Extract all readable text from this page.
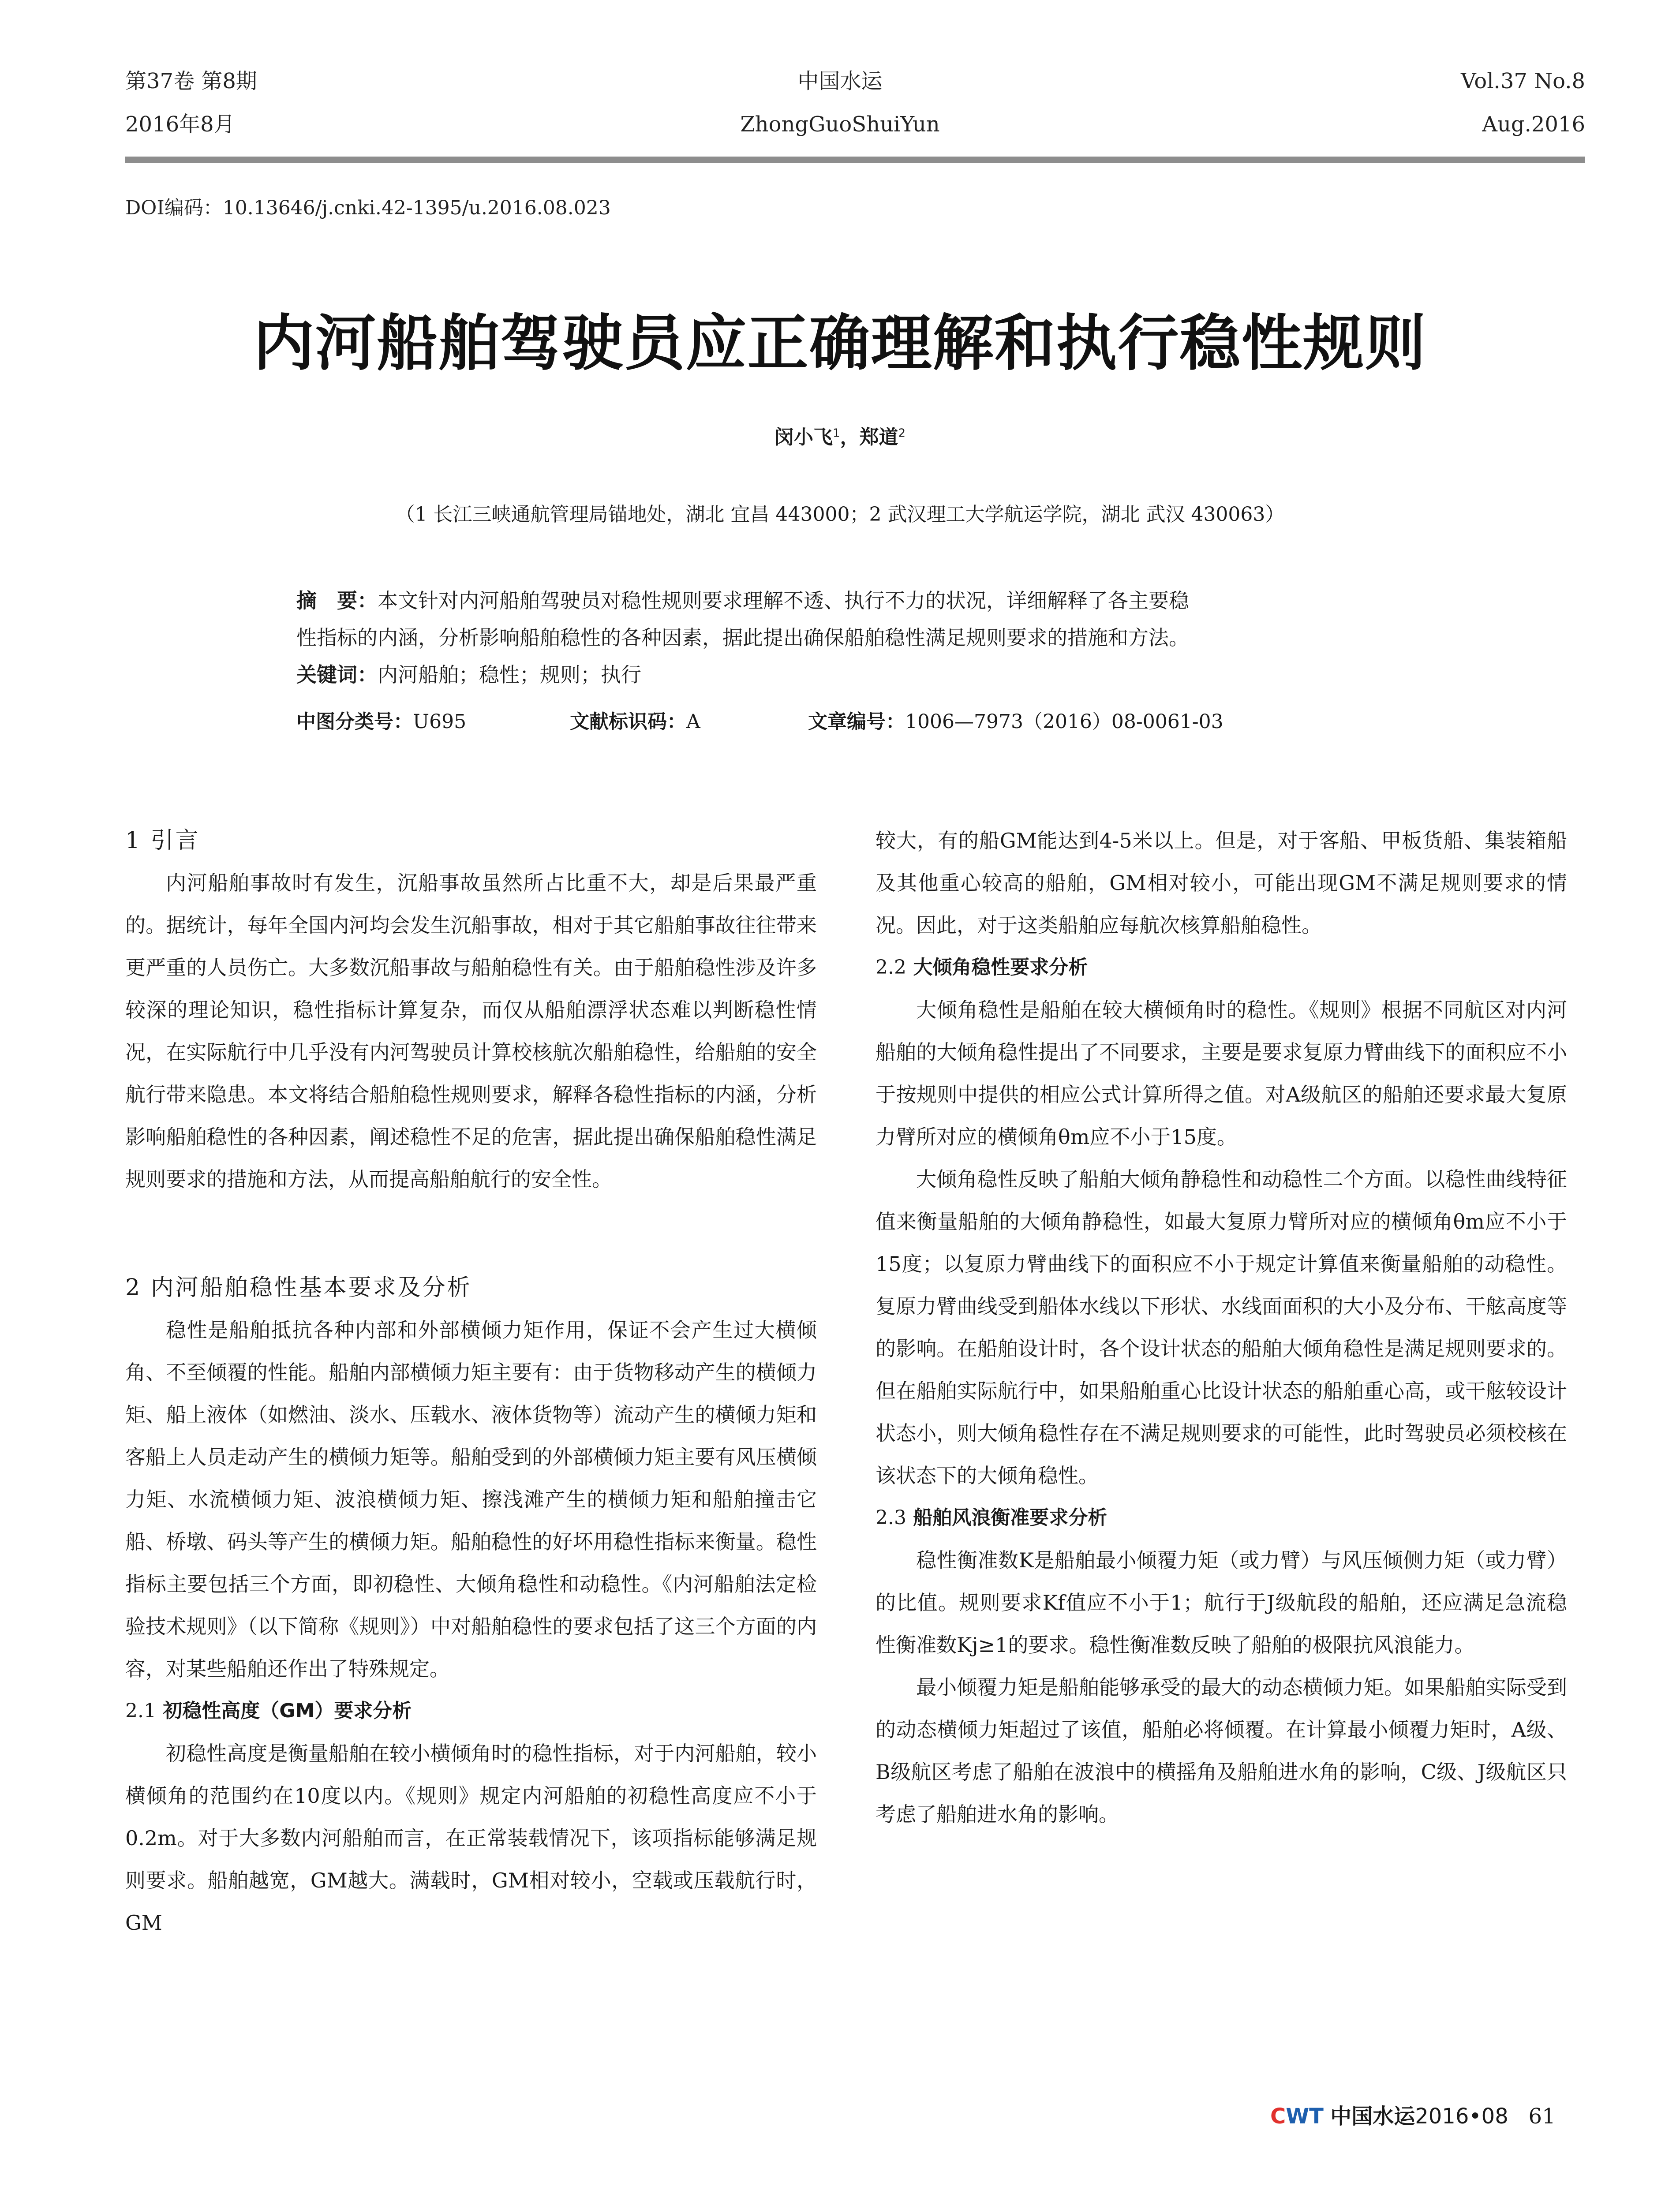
第37卷 第8期
2016年8月
中国水运
ZhongGuoShuiYun
Vol.37 No.8
Aug.2016
DOI编码：10.13646/j.cnki.42-1395/u.2016.08.023
内河船舶驾驶员应正确理解和执行稳性规则
闵小飞$^1$，郑道$^2$
（1 长江三峡通航管理局锚地处，湖北 宜昌 443000；2 武汉理工大学航运学院，湖北 武汉 430063）

摘　要：本文针对内河船舶驾驶员对稳性规则要求理解不透、执行不力的状况，详细解释了各主要稳

性指标的内涵，分析影响船舶稳性的各种因素，据此提出确保船舶稳性满足规则要求的措施和方法。

关键词：内河船舶；稳性；规则；执行

中图分类号：U695	文献标识码：A	文章编号：1006—7973（2016）08-0061-03
1 引言

内河船舶事故时有发生，沉船事故虽然所占比重不大，却是后果最严重的。据统计，每年全国内河均会发生沉船事故，相对于其它船舶事故往往带来更严重的人员伤亡。大多数沉船事故与船舶稳性有关。由于船舶稳性涉及许多较深的理论知识，稳性指标计算复杂，而仅从船舶漂浮状态难以判断稳性情况，在实际航行中几乎没有内河驾驶员计算校核航次船舶稳性，给船舶的安全航行带来隐患。本文将结合船舶稳性规则要求，解释各稳性指标的内涵，分析影响船舶稳性的各种因素，阐述稳性不足的危害，据此提出确保船舶稳性满足规则要求的措施和方法，从而提高船舶航行的安全性。

2 内河船舶稳性基本要求及分析

稳性是船舶抵抗各种内部和外部横倾力矩作用，保证不会产生过大横倾角、不至倾覆的性能。船舶内部横倾力矩主要有：由于货物移动产生的横倾力矩、船上液体（如燃油、淡水、压载水、液体货物等）流动产生的横倾力矩和客船上人员走动产生的横倾力矩等。船舶受到的外部横倾力矩主要有风压横倾力矩、水流横倾力矩、波浪横倾力矩、擦浅滩产生的横倾力矩和船舶撞击它船、桥墩、码头等产生的横倾力矩。船舶稳性的好坏用稳性指标来衡量。稳性指标主要包括三个方面，即初稳性、大倾角稳性和动稳性。《内河船舶法定检验技术规则》（以下简称《规则》）中对船舶稳性的要求包括了这三个方面的内容，对某些船舶还作出了特殊规定。

2.1 初稳性高度（GM）要求分析

初稳性高度是衡量船舶在较小横倾角时的稳性指标，对于内河船舶，较小横倾角的范围约在10度以内。《规则》规定内河船舶的初稳性高度应不小于0.2m。对于大多数内河船舶而言，在正常装载情况下，该项指标能够满足规则要求。船舶越宽，GM越大。满载时，GM相对较小，空载或压载航行时，GM

较大，有的船GM能达到4-5米以上。但是，对于客船、甲板货船、集装箱船及其他重心较高的船舶，GM相对较小，可能出现GM不满足规则要求的情况。因此，对于这类船舶应每航次核算船舶稳性。

2.2 大倾角稳性要求分析

大倾角稳性是船舶在较大横倾角时的稳性。《规则》根据不同航区对内河船舶的大倾角稳性提出了不同要求，主要是要求复原力臂曲线下的面积应不小于按规则中提供的相应公式计算所得之值。对A级航区的船舶还要求最大复原力臂所对应的横倾角θm应不小于15度。

大倾角稳性反映了船舶大倾角静稳性和动稳性二个方面。以稳性曲线特征值来衡量船舶的大倾角静稳性，如最大复原力臂所对应的横倾角θm应不小于15度；以复原力臂曲线下的面积应不小于规定计算值来衡量船舶的动稳性。复原力臂曲线受到船体水线以下形状、水线面面积的大小及分布、干舷高度等的影响。在船舶设计时，各个设计状态的船舶大倾角稳性是满足规则要求的。但在船舶实际航行中，如果船舶重心比设计状态的船舶重心高，或干舷较设计状态小，则大倾角稳性存在不满足规则要求的可能性，此时驾驶员必须校核在该状态下的大倾角稳性。

2.3 船舶风浪衡准要求分析

稳性衡准数K是船舶最小倾覆力矩（或力臂）与风压倾侧力矩（或力臂）的比值。规则要求Kf值应不小于1；航行于J级航段的船舶，还应满足急流稳性衡准数Kj≥1的要求。稳性衡准数反映了船舶的极限抗风浪能力。

最小倾覆力矩是船舶能够承受的最大的动态横倾力矩。如果船舶实际受到的动态横倾力矩超过了该值，船舶必将倾覆。在计算最小倾覆力矩时，A级、B级航区考虑了船舶在波浪中的横摇角及船舶进水角的影响，C级、J级航区只考虑了船舶进水角的影响。

CWT 中国水运2016•08 61
